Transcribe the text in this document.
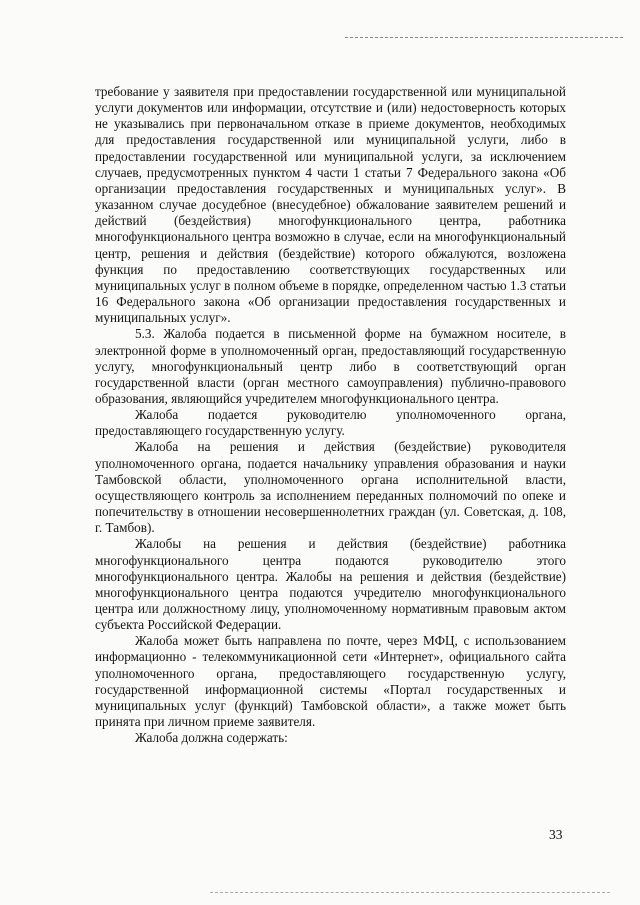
требование у заявителя при предоставлении государственной или муниципальной услуги документов или информации, отсутствие и (или) недостоверность которых не указывались при первоначальном отказе в приеме документов, необходимых для предоставления государственной или муниципальной услуги, либо в предоставлении государственной или муниципальной услуги, за исключением случаев, предусмотренных пунктом 4 части 1 статьи 7 Федерального закона «Об организации предоставления государственных и муниципальных услуг». В указанном случае досудебное (внесудебное) обжалование заявителем решений и действий (бездействия) многофункционального центра, работника многофункционального центра возможно в случае, если на многофункциональный центр, решения и действия (бездействие) которого обжалуются, возложена функция по предоставлению соответствующих государственных или муниципальных услуг в полном объеме в порядке, определенном частью 1.3 статьи 16 Федерального закона «Об организации предоставления государственных и муниципальных услуг».

5.3. Жалоба подается в письменной форме на бумажном носителе, в электронной форме в уполномоченный орган, предоставляющий государственную услугу, многофункциональный центр либо в соответствующий орган государственной власти (орган местного самоуправления) публично-правового образования, являющийся учредителем многофункционального центра.

Жалоба подается руководителю уполномоченного органа, предоставляющего государственную услугу.

Жалоба на решения и действия (бездействие) руководителя уполномоченного органа, подается начальнику управления образования и науки Тамбовской области, уполномоченного органа исполнительной власти, осуществляющего контроль за исполнением переданных полномочий по опеке и попечительству в отношении несовершеннолетних граждан (ул. Советская, д. 108, г. Тамбов).

Жалобы на решения и действия (бездействие) работника многофункционального центра подаются руководителю этого многофункционального центра. Жалобы на решения и действия (бездействие) многофункционального центра подаются учредителю многофункционального центра или должностному лицу, уполномоченному нормативным правовым актом субъекта Российской Федерации.

Жалоба может быть направлена по почте, через МФЦ, с использованием информационно - телекоммуникационной сети «Интернет», официального сайта уполномоченного органа, предоставляющего государственную услугу, государственной информационной системы «Портал государственных и муниципальных услуг (функций) Тамбовской области», а также может быть принята при личном приеме заявителя.

Жалоба должна содержать:

33
